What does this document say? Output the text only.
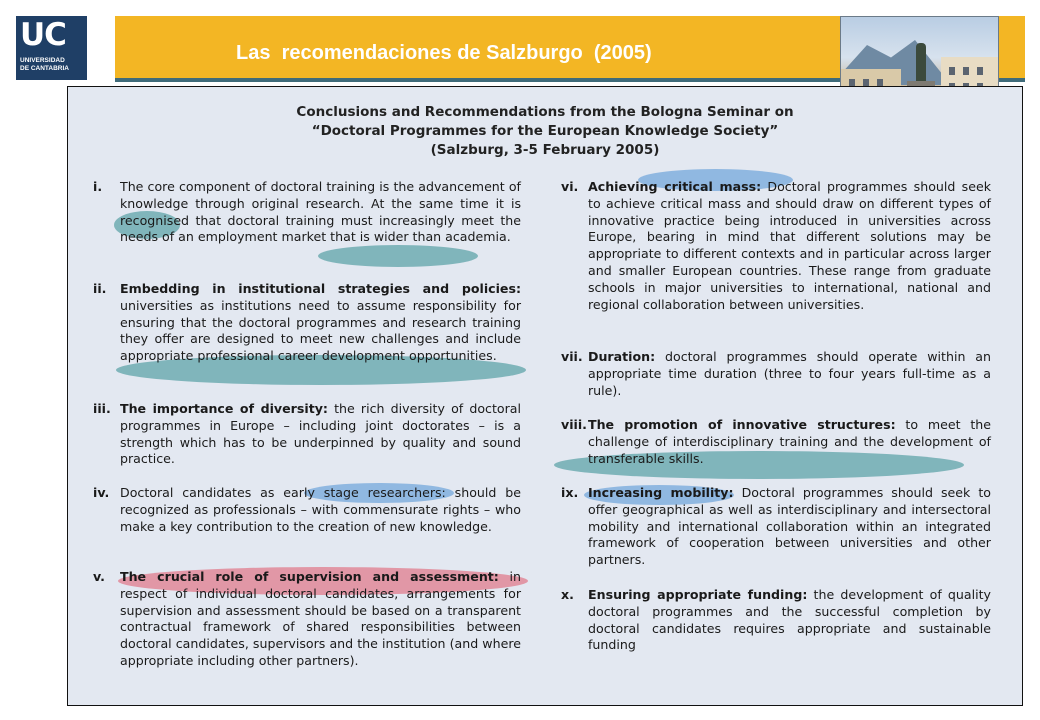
UC
UNIVERSIDAD
DE CANTABRIA
Las  recomendaciones de Salzburgo  (2005)
Conclusions and Recommendations from the Bologna Seminar on
“Doctoral Programmes for the European Knowledge Society”
(Salzburg, 3-5 February 2005)
i.	The core component of doctoral training is the advancement of knowledge through original research. At the same time it is recognised that doctoral training must increasingly meet the needs of an employment market that is wider than academia.
ii.	Embedding in institutional strategies and policies: universities as institutions need to assume responsibility for ensuring that the doctoral programmes and research training they offer are designed to meet new challenges and include appropriate professional career development opportunities.
iii. The importance of diversity: the rich diversity of doctoral programmes in Europe – including joint doctorates – is a strength which has to be underpinned by quality and sound practice.
iv. Doctoral candidates as early stage researchers: should be recognized as professionals – with commensurate rights – who make a key contribution to the creation of new knowledge.
v.	The crucial role of supervision and assessment: in respect of individual doctoral candidates, arrangements for supervision and assessment should be based on a transparent contractual framework of shared responsibilities between doctoral candidates, supervisors and the institution (and where appropriate including other partners).
vi. Achieving critical mass: Doctoral programmes should seek to achieve critical mass and should draw on different types of innovative practice being introduced in universities across Europe, bearing in mind that different solutions may be appropriate to different contexts and in particular across larger and smaller European countries. These range from graduate schools in major universities to international, national and regional collaboration between universities.
vii. Duration: doctoral programmes should operate within an appropriate time duration (three to four years full-time as a rule).
viii. The promotion of innovative structures: to meet the challenge of interdisciplinary training and the development of transferable skills.
ix. Increasing mobility: Doctoral programmes should seek to offer geographical as well as interdisciplinary and intersectoral mobility and international collaboration within an integrated framework of cooperation between universities and other partners.
x.	Ensuring appropriate funding: the development of quality doctoral programmes and the successful completion by doctoral candidates requires appropriate and sustainable funding
